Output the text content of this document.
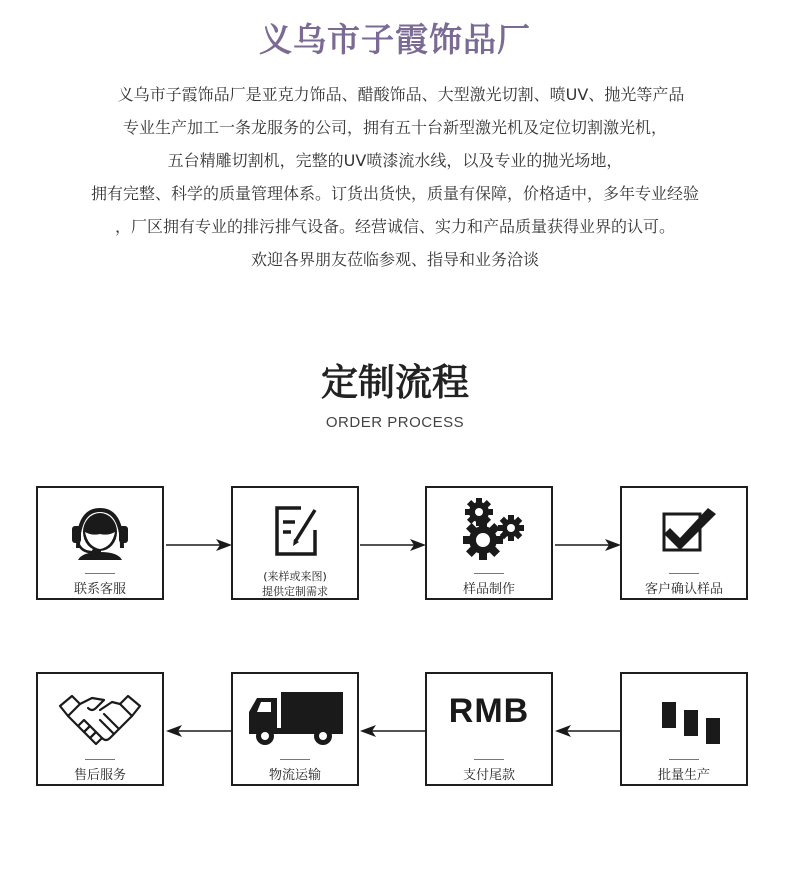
义乌市子霞饰品厂
义乌市子霞饰品厂是亚克力饰品、醋酸饰品、大型激光切割、喷UV、抛光等产品
专业生产加工一条龙服务的公司，拥有五十台新型激光机及定位切割激光机，
五台精雕切割机，完整的UV喷漆流水线，以及专业的抛光场地，
拥有完整、科学的质量管理体系。订货出货快，质量有保障，价格适中，多年专业经验
，厂区拥有专业的排污排气设备。经营诚信、实力和产品质量获得业界的认可。
欢迎各界朋友莅临参观、指导和业务洽谈
定制流程
ORDER PROCESS
联系客服
(来样或来图)
提供定制需求	样品制作	客户确认样品
批量生产
RMB
支付尾款
物流运输
售后服务
